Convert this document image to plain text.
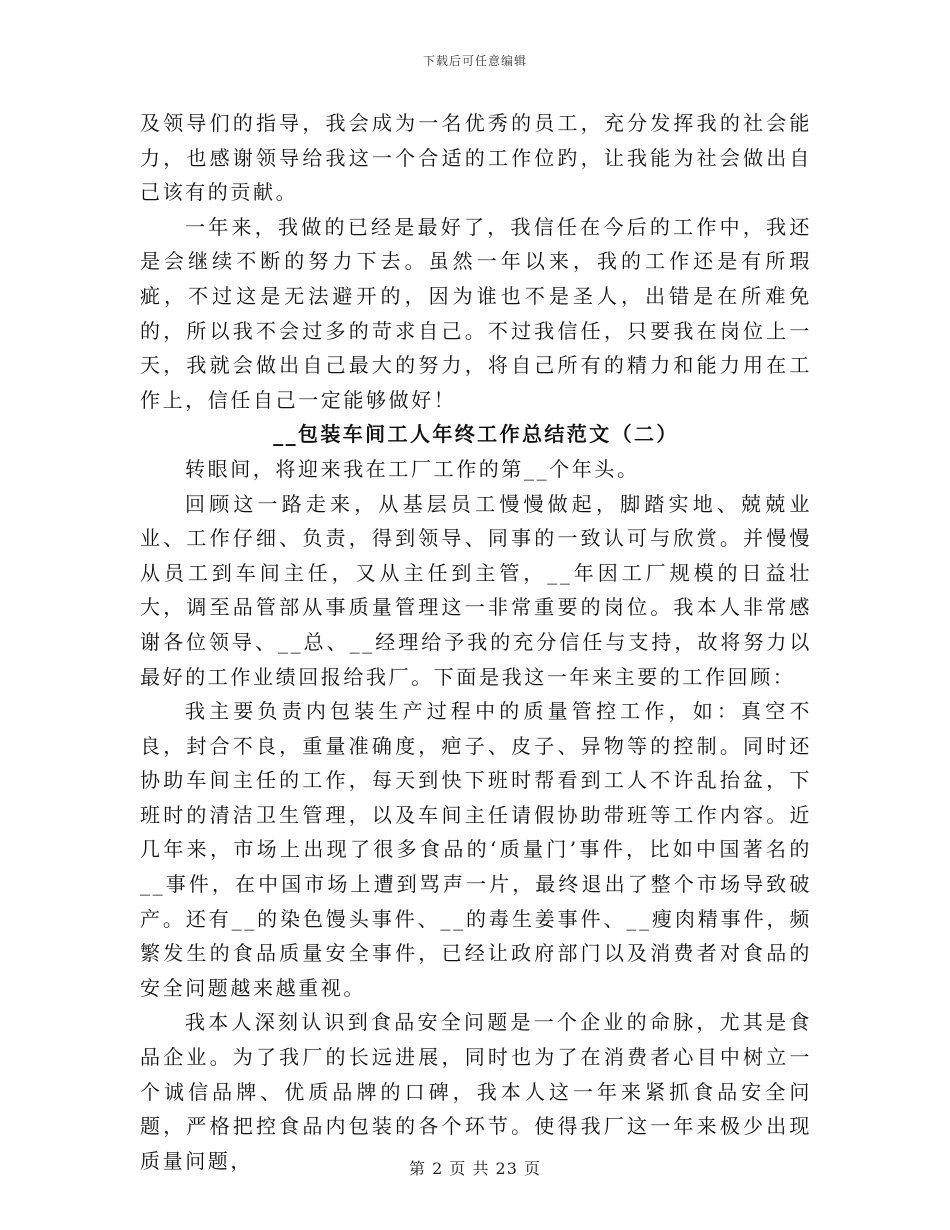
下载后可任意编辑

及领导们的指导，我会成为一名优秀的员工，充分发挥我的社会能力，也感谢领导给我这一个合适的工作位趵，让我能为社会做出自己该有的贡献。

一年来，我做的已经是最好了，我信任在今后的工作中，我还是会继续不断的努力下去。虽然一年以来，我的工作还是有所瑕疵，不过这是无法避开的，因为谁也不是圣人，出错是在所难免的，所以我不会过多的苛求自己。不过我信任，只要我在岗位上一天，我就会做出自己最大的努力，将自己所有的精力和能力用在工作上，信任自己一定能够做好！

__包装车间工人年终工作总结范文（二）

转眼间，将迎来我在工厂工作的第__个年头。

回顾这一路走来，从基层员工慢慢做起，脚踏实地、兢兢业业、工作仔细、负责，得到领导、同事的一致认可与欣赏。并慢慢从员工到车间主任，又从主任到主管，__年因工厂规模的日益壮大，调至品管部从事质量管理这一非常重要的岗位。我本人非常感谢各位领导、__总、__经理给予我的充分信任与支持，故将努力以最好的工作业绩回报给我厂。下面是我这一年来主要的工作回顾：

我主要负责内包装生产过程中的质量管控工作，如：真空不良，封合不良，重量准确度，疤子、皮子、异物等的控制。同时还协助车间主任的工作，每天到快下班时帮看到工人不许乱抬盆，下班时的清洁卫生管理，以及车间主任请假协助带班等工作内容。近几年来，市场上出现了很多食品的‘质量门’事件，比如中国著名的__事件，在中国市场上遭到骂声一片，最终退出了整个市场导致破产。还有__的染色馒头事件、__的毒生姜事件、__瘦肉精事件，频繁发生的食品质量安全事件，已经让政府部门以及消费者对食品的安全问题越来越重视。

我本人深刻认识到食品安全问题是一个企业的命脉，尤其是食品企业。为了我厂的长远进展，同时也为了在消费者心目中树立一个诚信品牌、优质品牌的口碑，我本人这一年来紧抓食品安全问题，严格把控食品内包装的各个环节。使得我厂这一年来极少出现质量问题，	第 2 页 共 23 页
